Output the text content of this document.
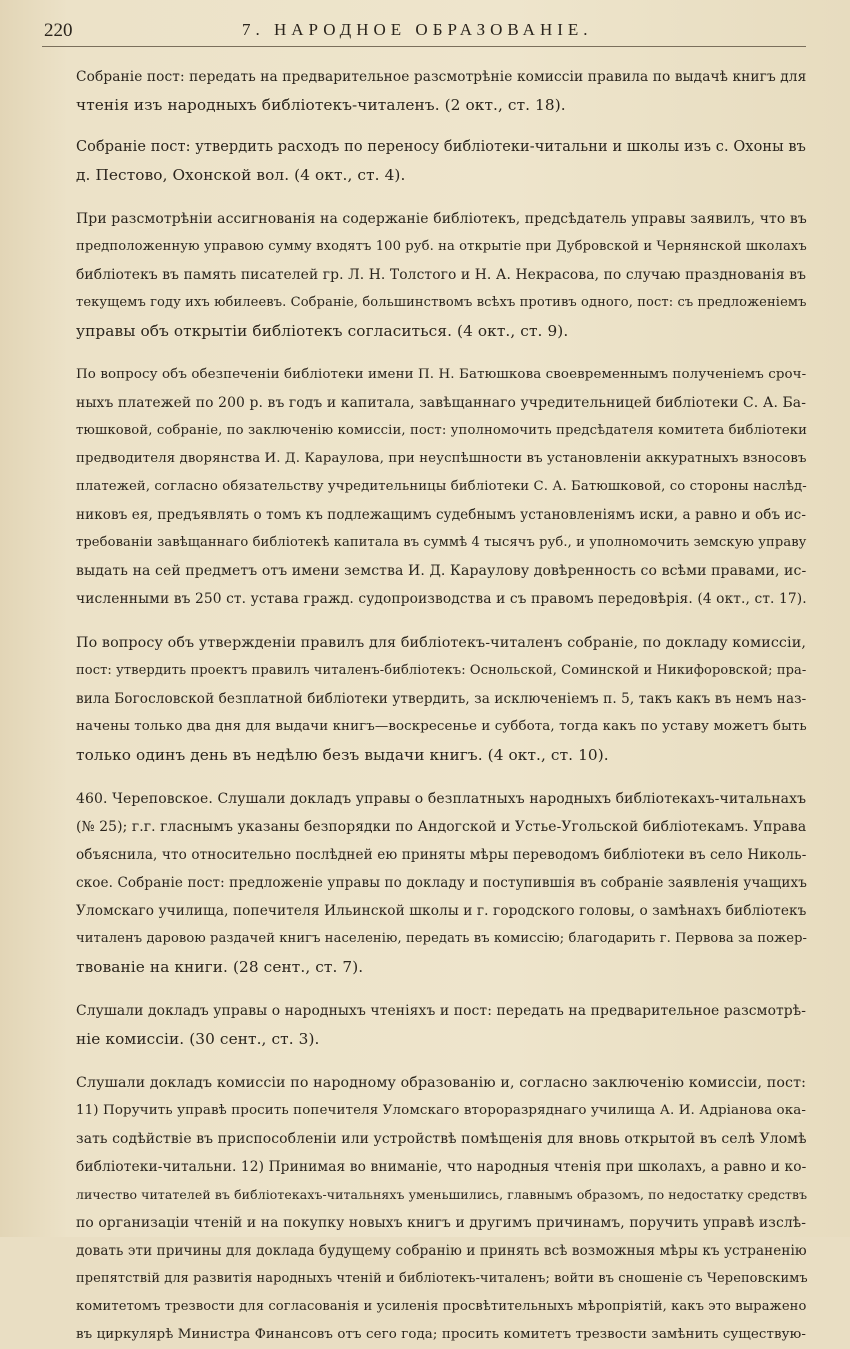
220	7. НАРОДНОЕ ОБРАЗОВАНІЕ.

Собраніе пост: передать на предварительное разсмотрѣніе комиссіи правила по выдачѣ книгъ для
чтенія изъ народныхъ библіотекъ-читаленъ. (2 окт., ст. 18).

Собраніе пост: утвердить расходъ по переносу библіотеки-читальни и школы изъ с. Охоны въ
д. Пестово, Охонской вол. (4 окт., ст. 4).

При разсмотрѣніи ассигнованія на содержаніе библіотекъ, предсѣдатель управы заявилъ, что въ
предположенную управою сумму входятъ 100 руб. на открытіе при Дубровской и Чернянской школахъ
библіотекъ въ память писателей гр. Л. Н. Толстого и Н. А. Некрасова, по случаю празднованія въ
текущемъ году ихъ юбилеевъ. Собраніе, большинствомъ всѣхъ противъ одного, пост: съ предложеніемъ
управы объ открытіи библіотекъ согласиться. (4 окт., ст. 9).

По вопросу объ обезпеченіи библіотеки имени П. Н. Батюшкова своевременнымъ полученіемъ сроч-
ныхъ платежей по 200 р. въ годъ и капитала, завѣщаннаго учредительницей библіотеки С. А. Ба-
тюшковой, собраніе, по заключенію комиссіи, пост: уполномочить предсѣдателя комитета библіотеки
предводителя дворянства И. Д. Караулова, при неуспѣшности въ установленіи аккуратныхъ взносовъ
платежей, согласно обязательству учредительницы библіотеки С. А. Батюшковой, со стороны наслѣд-
никовъ ея, предъявлять о томъ къ подлежащимъ судебнымъ установленіямъ иски, а равно и объ ис-
требованіи завѣщаннаго библіотекѣ капитала въ суммѣ 4 тысячъ руб., и уполномочить земскую управу
выдать на сей предметъ отъ имени земства И. Д. Караулову довѣренность со всѣми правами, ис-
численными въ 250 ст. устава гражд. судопроизводства и съ правомъ передовѣрія. (4 окт., ст. 17).

По вопросу объ утвержденіи правилъ для библіотекъ-читаленъ собраніе, по докладу комиссіи,
пост: утвердить проектъ правилъ читаленъ-библіотекъ: Оснольской, Соминской и Никифоровской; пра-
вила Богословской безплатной библіотеки утвердить, за исключеніемъ п. 5, такъ какъ въ немъ наз-
начены только два дня для выдачи книгъ—воскресенье и суббота, тогда какъ по уставу можетъ быть
только одинъ день въ недѣлю безъ выдачи книгъ. (4 окт., ст. 10).

460. Череповское. Слушали докладъ управы о безплатныхъ народныхъ библіотекахъ-читальнахъ
(№ 25); г.г. гласнымъ указаны безпорядки по Андогской и Устье-Угольской библіотекамъ. Управа
объяснила, что относительно послѣдней ею приняты мѣры переводомъ библіотеки въ село Николь-
ское. Собраніе пост: предложеніе управы по докладу и поступившія въ собраніе заявленія учащихъ
Уломскаго училища, попечителя Ильинской школы и г. городского головы, о замѣнахъ библіотекъ
читаленъ даровою раздачей книгъ населенію, передать въ комиссію; благодарить г. Первова за пожер-
твованіе на книги. (28 сент., ст. 7).

Слушали докладъ управы о народныхъ чтеніяхъ и пост: передать на предварительное разсмотрѣ-
ніе комиссіи. (30 сент., ст. 3).

Слушали докладъ комиссіи по народному образованію и, согласно заключенію комиссіи, пост:
11) Поручить управѣ просить попечителя Уломскаго второразряднаго училища А. И. Адріанова ока-
зать содѣйствіе въ приспособленіи или устройствѣ помѣщенія для вновь открытой въ селѣ Уломѣ
библіотеки-читальни. 12) Принимая во вниманіе, что народныя чтенія при школахъ, а равно и ко-
личество читателей въ библіотекахъ-читальняхъ уменьшились, главнымъ образомъ, по недостатку средствъ
по организаціи чтеній и на покупку новыхъ книгъ и другимъ причинамъ, поручить управѣ изслѣ-
довать эти причины для доклада будущему собранію и принять всѣ возможныя мѣры къ устраненію
препятствій для развитія народныхъ чтеній и библіотекъ-читаленъ; войти въ сношеніе съ Череповскимъ
комитетомъ трезвости для согласованія и усиленія просвѣтительныхъ мѣропріятій, какъ это выражено
въ циркулярѣ Министра Финансовъ отъ сего года; просить комитетъ трезвости замѣнить существую-
